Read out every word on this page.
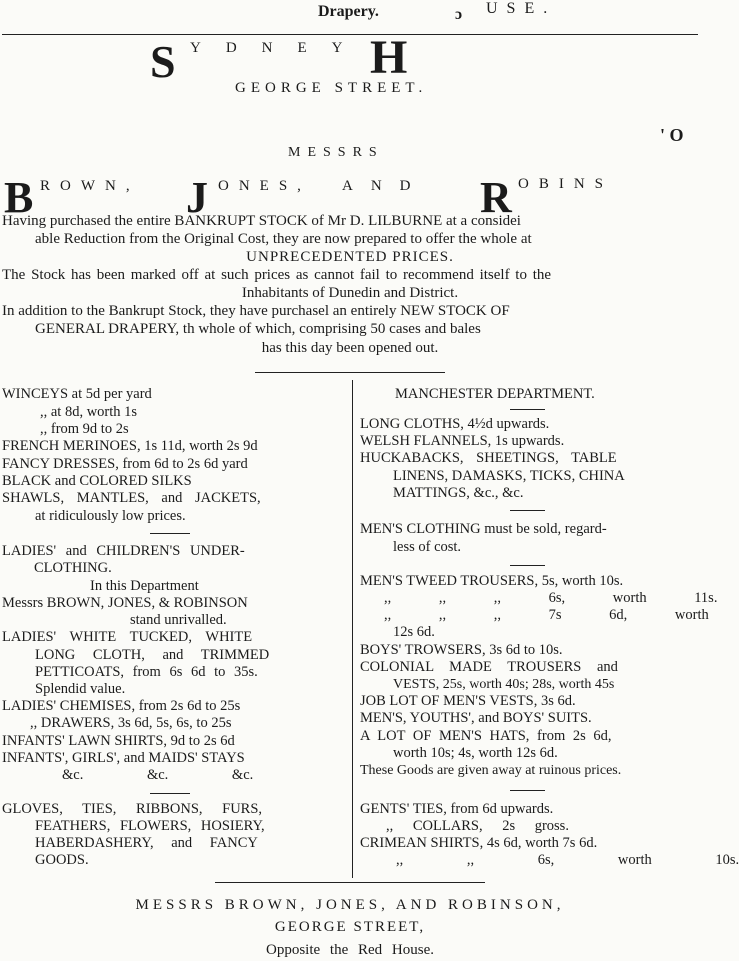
Drapery.	ɔ USE.
S YDNEY H
GEORGE STREET.
' O
MESSRS
B ROWN, J ONES, AND R OBINS
Having purchased the entire BANKRUPT STOCK of Mr D. LILBURNE at a considei
able Reduction from the Original Cost, they are now prepared to offer the whole at
UNPRECEDENTED PRICES.
The Stock has been marked off at such prices as cannot fail to recommend itself to the
Inhabitants of Dunedin and District.
In addition to the Bankrupt Stock, they have purchasel an entirely NEW STOCK OF
GENERAL DRAPERY, th whole of which, comprising 50 cases and bales
has this day been opened out.
WINCEYS at 5d per yard
,, at 8d, worth 1s
,, from 9d to 2s
FRENCH MERINOES, 1s 11d, worth 2s 9d
FANCY DRESSES, from 6d to 2s 6d yard
BLACK and COLORED SILKS
SHAWLS, MANTLES, and JACKETS,
at ridiculously low prices.
LADIES' and CHILDREN'S UNDER-
CLOTHING.
In this Department
Messrs BROWN, JONES, & ROBINSON
stand unrivalled.
LADIES' WHITE TUCKED, WHITE
LONG CLOTH, and TRIMMED
PETTICOATS, from 6s 6d to 35s.
Splendid value.
LADIES' CHEMISES, from 2s 6d to 25s
,, DRAWERS, 3s 6d, 5s, 6s, to 25s
INFANTS' LAWN SHIRTS, 9d to 2s 6d
INFANTS', GIRLS', and MAIDS' STAYS
&c. &c. &c.
GLOVES, TIES, RIBBONS, FURS,
FEATHERS, FLOWERS, HOSIERY,
HABERDASHERY, and FANCY
GOODS.
MANCHESTER DEPARTMENT.
LONG CLOTHS, 4½d upwards.
WELSH FLANNELS, 1s upwards.
HUCKABACKS, SHEETINGS, TABLE
LINENS, DAMASKS, TICKS, CHINA
MATTINGS, &c., &c.
MEN'S CLOTHING must be sold, regard-
less of cost.
MEN'S TWEED TROUSERS, 5s, worth 10s.
,, ,, ,, 6s, worth 11s.
,, ,, ,, 7s 6d, worth
12s 6d.
BOYS' TROWSERS, 3s 6d to 10s.
COLONIAL MADE TROUSERS and
VESTS, 25s, worth 40s; 28s, worth 45s
JOB LOT OF MEN'S VESTS, 3s 6d.
MEN'S, YOUTHS', and BOYS' SUITS.
A LOT OF MEN'S HATS, from 2s 6d,
worth 10s; 4s, worth 12s 6d.
These Goods are given away at ruinous prices.
GENTS' TIES, from 6d upwards.
,, COLLARS, 2s gross.
CRIMEAN SHIRTS, 4s 6d, worth 7s 6d.
,, ,, 6s, worth 10s.
MESSRS BROWN, JONES, AND ROBINSON,
GEORGE STREET,
Opposite the Red House.
